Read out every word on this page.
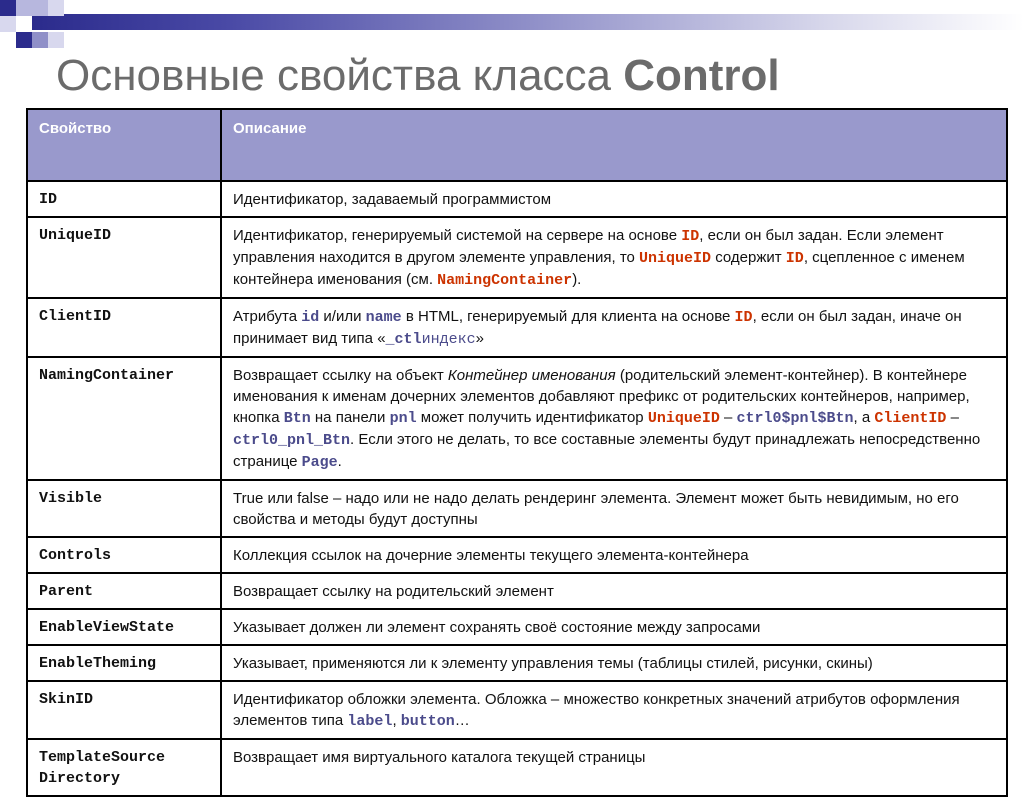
Основные свойства класса Control
Свойство	Описание
ID	Идентификатор, задаваемый программистом
UniqueID	Идентификатор, генерируемый системой на сервере на основе ID, если он был задан. Если элемент управления находится в другом элементе управления, то UniqueID содержит ID, сцепленное с именем контейнера именования (см. NamingContainer).
ClientID	Атрибута id и/или name в HTML, генерируемый для клиента на основе ID, если он был задан, иначе он принимает вид типа «_ctlиндекс»
NamingContainer	Возвращает ссылку на объект Контейнер именования (родительский элемент-контейнер). В контейнере именования к именам дочерних элементов добавляют префикс от родительских контейнеров, например, кнопка Btn на панели pnl может получить идентификатор UniqueID – ctrl0$pnl$Btn, а ClientID – ctrl0_pnl_Btn. Если этого не делать, то все составные элементы будут принадлежать непосредственно странице Page.
Visible	True или false – надо или не надо делать рендеринг элемента. Элемент может быть невидимым, но его свойства и методы будут доступны
Controls	Коллекция ссылок на дочерние элементы текущего элемента-контейнера
Parent	Возвращает ссылку на родительский элемент
EnableViewState	Указывает должен ли элемент сохранять своё состояние между запросами
EnableTheming	Указывает, применяются ли к элементу управления темы (таблицы стилей, рисунки, скины)
SkinID	Идентификатор обложки элемента. Обложка – множество конкретных значений атрибутов оформления элементов типа label, button…
TemplateSource
Directory	Возвращает имя виртуального каталога текущей страницы
